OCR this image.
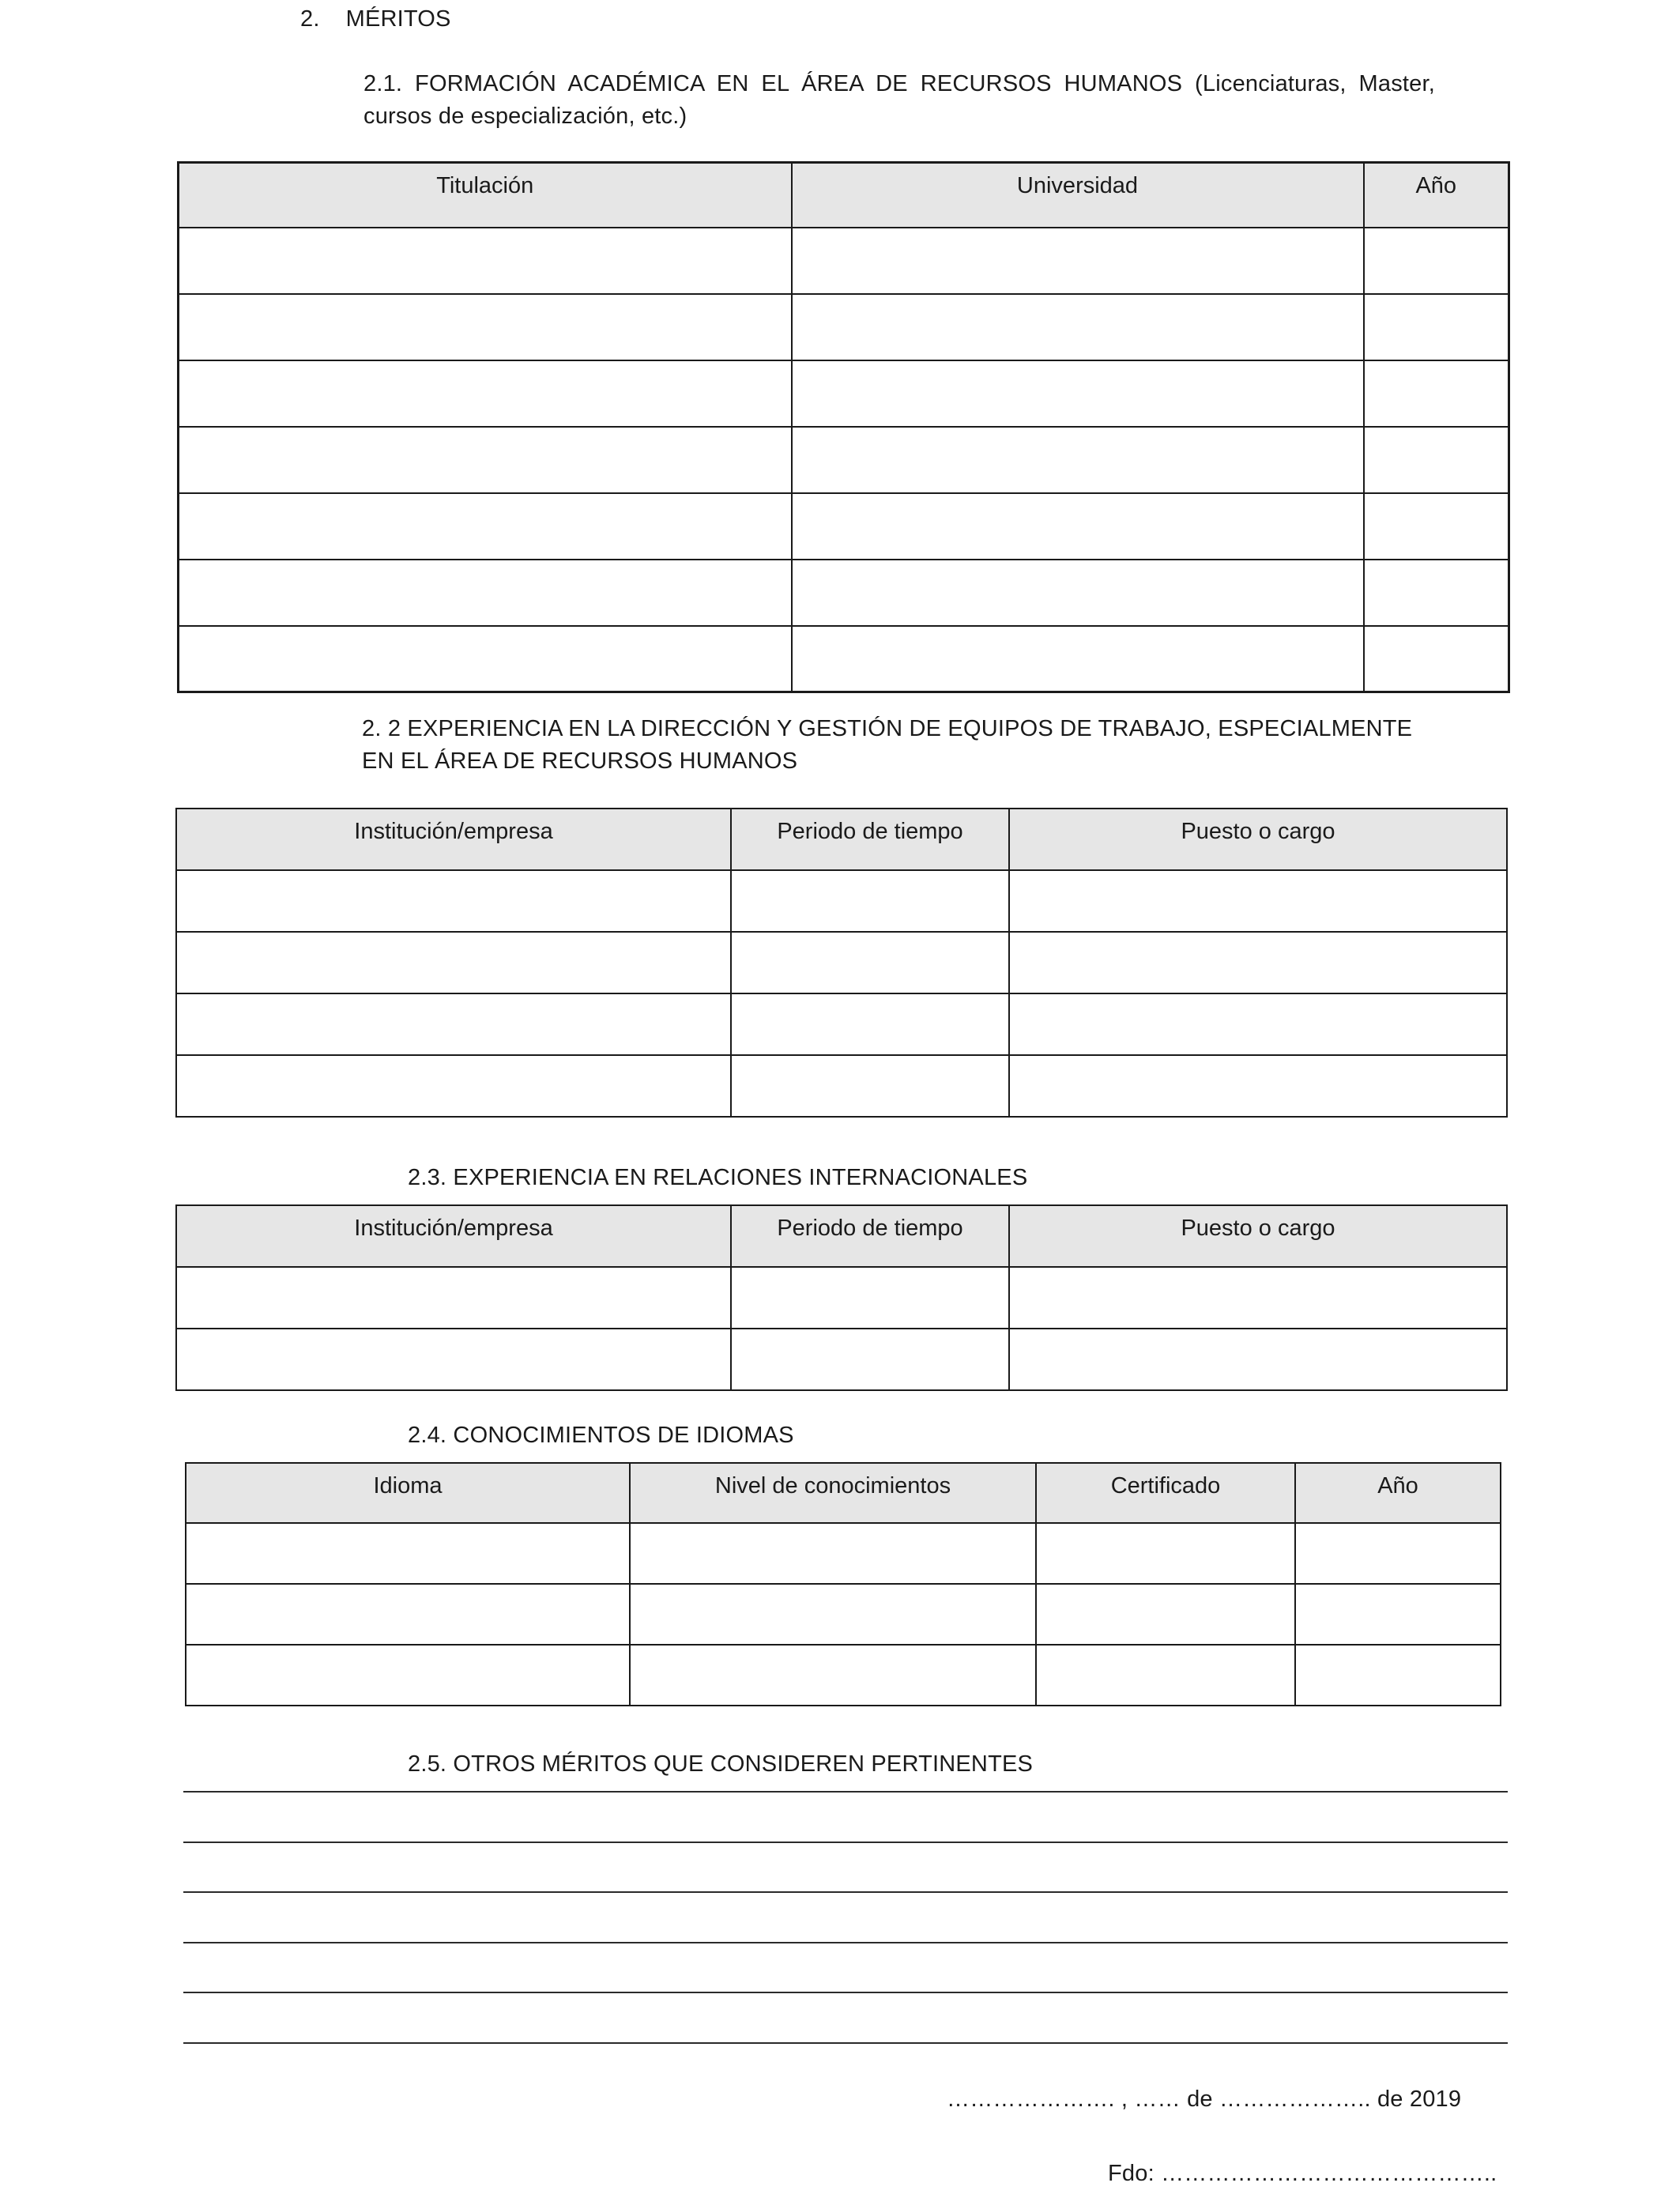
2.    MÉRITOS
2.1. FORMACIÓN ACADÉMICA EN EL ÁREA DE RECURSOS HUMANOS (Licenciaturas, Master, cursos de especialización, etc.)
Titulación	Universidad	Año

2. 2 EXPERIENCIA EN LA DIRECCIÓN Y GESTIÓN DE EQUIPOS DE TRABAJO, ESPECIALMENTE EN EL ÁREA DE RECURSOS HUMANOS
Institución/empresa	Periodo de tiempo	Puesto o cargo

2.3. EXPERIENCIA EN RELACIONES INTERNACIONALES
Institución/empresa	Periodo de tiempo	Puesto o cargo

2.4. CONOCIMIENTOS DE IDIOMAS
Idioma	Nivel de conocimientos	Certificado	Año

2.5. OTROS MÉRITOS QUE CONSIDEREN PERTINENTES
…………………. , …… de ……………….. de 2019
Fdo: ……………………………………..
